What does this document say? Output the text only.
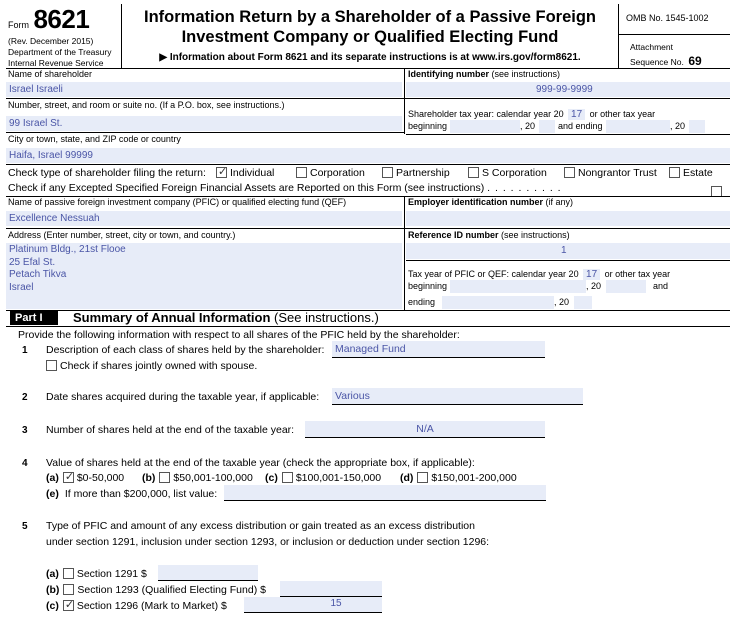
Form 8621
(Rev. December 2015)
Department of the Treasury
Internal Revenue Service
Information Return by a Shareholder of a Passive Foreign
Investment Company or Qualified Electing Fund
▶ Information about Form 8621 and its separate instructions is at www.irs.gov/form8621.
OMB No. 1545-1002
Attachment
Sequence No. 69
Name of shareholder
Israel Israeli
Identifying number (see instructions)
999-99-9999
Number, street, and room or suite no. (If a P.O. box, see instructions.)
99 Israel St.
Shareholder tax year: calendar year 20 17 or other tax year
beginning	, 20	and ending	, 20
City or town, state, and ZIP code or country
Haifa, Israel 99999
Check type of shareholder filing the return: ✓	Individual	Corporation	Partnership	S Corporation	Nongrantor Trust	Estate
Check if any Excepted Specified Foreign Financial Assets are Reported on this Form (see instructions) . . . . . . . . . .
Name of passive foreign investment company (PFIC) or qualified electing fund (QEF)
Excellence Nessuah
Employer identification number (if any)
Address (Enter number, street, city or town, and country.)
Platinum Bldg., 21st Flooe
25 Efal St.
Petach Tikva
Israel
Reference ID number (see instructions)
1
Tax year of PFIC or QEF: calendar year 20 17 or other tax year
beginning	, 20	and
ending	, 20
Part I	Summary of Annual Information (See instructions.)
Provide the following information with respect to all shares of the PFIC held by the shareholder:
1 Description of each class of shares held by the shareholder: Managed Fund
Check if shares jointly owned with spouse.
2 Date shares acquired during the taxable year, if applicable: Various
3 Number of shares held at the end of the taxable year:	N/A
4 Value of shares held at the end of the taxable year (check the appropriate box, if applicable):
(a) ✓ $0-50,000 (b) $50,001-100,000 (c) $100,001-150,000 (d) $150,001-200,000
(e) If more than $200,000, list value:
5 Type of PFIC and amount of any excess distribution or gain treated as an excess distribution
under section 1291, inclusion under section 1293, or inclusion or deduction under section 1296:
(a) Section 1291 $
(b) Section 1293 (Qualified Electing Fund) $
(c) ✓ Section 1296 (Mark to Market) $	15
